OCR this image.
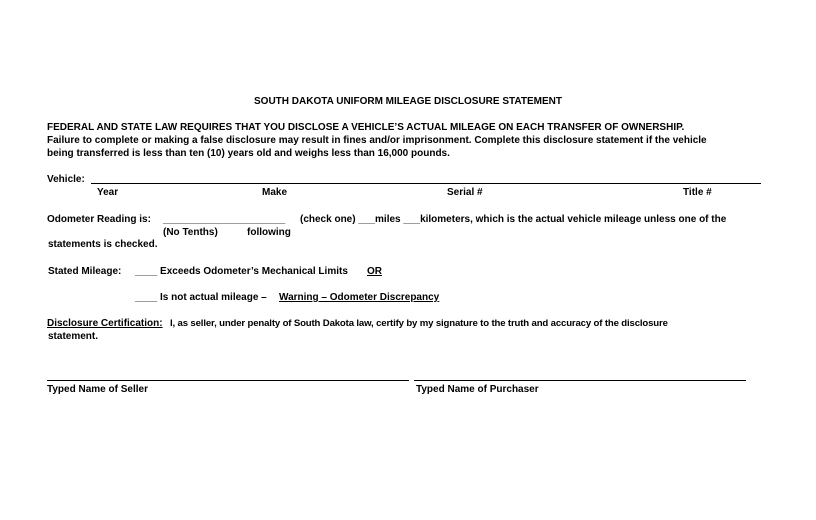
SOUTH DAKOTA UNIFORM MILEAGE DISCLOSURE STATEMENT
FEDERAL AND STATE LAW REQUIRES THAT YOU DISCLOSE A VEHICLE’S ACTUAL MILEAGE ON EACH TRANSFER OF OWNERSHIP.
Failure to complete or making a false disclosure may result in fines and/or imprisonment. Complete this disclosure statement if the vehicle
being transferred is less than ten (10) years old and weighs less than 16,000 pounds.
Vehicle:
Year	Make	Serial #	Title #
Odometer Reading is: ______________________ (check one) ___miles ___kilometers, which is the actual vehicle mileage unless one of the
(No Tenths)	following
statements is checked.
Stated Mileage: ____ Exceeds Odometer’s Mechanical Limits OR
____ Is not actual mileage – Warning – Odometer Discrepancy
Disclosure Certification: I, as seller, under penalty of South Dakota law, certify by my signature to the truth and accuracy of the disclosure
statement.
Typed Name of Seller	Typed Name of Purchaser
